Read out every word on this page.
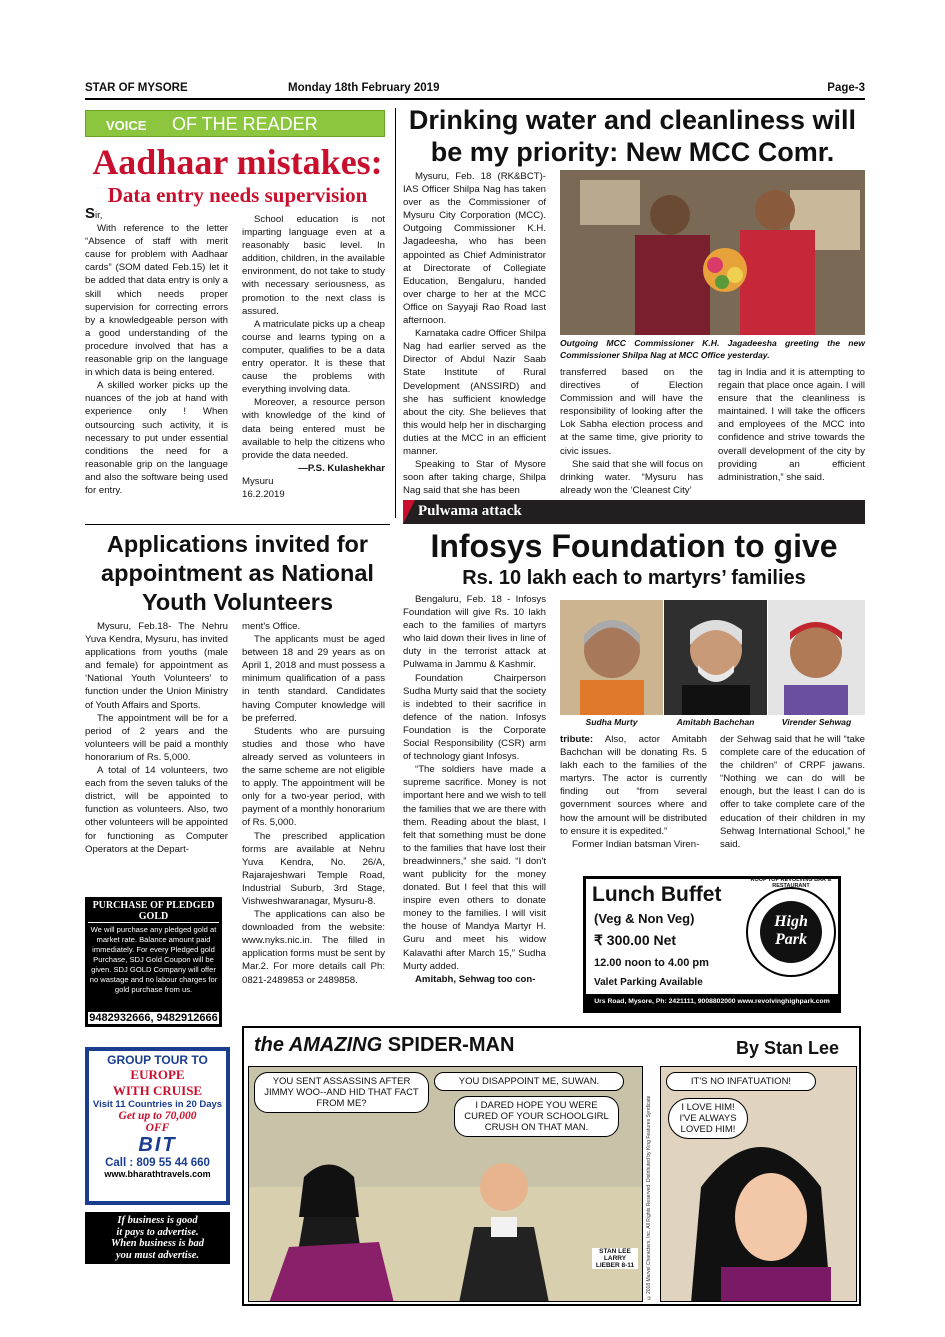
STAR OF MYSORE	Monday 18th February 2019	Page-3
VOICE OF THE READER
Aadhaar mistakes:
Data entry needs supervision
Sir,

With reference to the letter “Absence of staff with merit cause for problem with Aadhaar cards” (SOM dated Feb.15) let it be added that data entry is only a skill which needs proper supervision for correcting errors by a knowledgeable person with a good understanding of the procedure involved that has a reasonable grip on the language in which data is being entered.

A skilled worker picks up the nuances of the job at hand with experience only ! When outsourcing such activity, it is necessary to put under essential conditions the need for a reasonable grip on the language and also the software being used for entry.

School education is not imparting language even at a reasonably basic level. In addition, children, in the available environment, do not take to study with necessary seriousness, as promotion to the next class is assured.

A matriculate picks up a cheap course and learns typing on a computer, qualifies to be a data entry operator. It is these that cause the problems with everything involving data.

Moreover, a resource person with knowledge of the kind of data being entered must be available to help the citizens who provide the data needed.

—P.S. Kulashekhar
Mysuru
16.2.2019
Drinking water and cleanliness will be my priority: New MCC Comr.

Mysuru, Feb. 18 (RK&BCT)- IAS Officer Shilpa Nag has taken over as the Commissioner of Mysuru City Corporation (MCC). Outgoing Commissioner K.H. Jagadeesha, who has been appointed as Chief Administrator at Directorate of Collegiate Education, Bengaluru, handed over charge to her at the MCC Office on Sayyaji Rao Road last afternoon.

Karnataka cadre Officer Shilpa Nag had earlier served as the Director of Abdul Nazir Saab State Institute of Rural Development (ANSSIRD) and she has sufficient knowledge about the city. She believes that this would help her in discharging duties at the MCC in an efficient manner.

Speaking to Star of Mysore soon after taking charge, Shilpa Nag said that she has been

Outgoing MCC Commissioner K.H. Jagadeesha greeting the new Commissioner Shilpa Nag at MCC Office yesterday.

transferred based on the directives of Election Commission and will have the responsibility of looking after the Lok Sabha election process and at the same time, give priority to civic issues.

She said that she will focus on drinking water. “Mysuru has already won the ‘Cleanest City’

tag in India and it is attempting to regain that place once again. I will ensure that the cleanliness is maintained. I will take the officers and employees of the MCC into confidence and strive towards the overall development of the city by providing an efficient administration,” she said.

Pulwama attack
Applications invited for appointment as National Youth Volunteers

Mysuru, Feb.18- The Nehru Yuva Kendra, Mysuru, has invited applications from youths (male and female) for appointment as ‘National Youth Volunteers’ to function under the Union Ministry of Youth Affairs and Sports.

The appointment will be for a period of 2 years and the volunteers will be paid a monthly honorarium of Rs. 5,000.

A total of 14 volunteers, two each from the seven taluks of the district, will be appointed to function as volunteers. Also, two other volunteers will be appointed for functioning as Computer Operators at the Depart-

ment's Office.

The applicants must be aged between 18 and 29 years as on April 1, 2018 and must possess a minimum qualification of a pass in tenth standard. Candidates having Computer knowledge will be preferred.

Students who are pursuing studies and those who have already served as volunteers in the same scheme are not eligible to apply. The appointment will be only for a two-year period, with payment of a monthly honorarium of Rs. 5,000.

The prescribed application forms are available at Nehru Yuva Kendra, No. 26/A, Rajarajeshwari Temple Road, Industrial Suburb, 3rd Stage, Vishweshwaranagar, Mysuru-8.

The applications can also be downloaded from the website: www.nyks.nic.in. The filled in application forms must be sent by Mar.2. For more details call Ph: 0821-2489853 or 2489858.

Infosys Foundation to give
Rs. 10 lakh each to martyrs’ families

Bengaluru, Feb. 18 - Infosys Foundation will give Rs. 10 lakh each to the families of martyrs who laid down their lives in line of duty in the terrorist attack at Pulwama in Jammu & Kashmir.

Foundation Chairperson Sudha Murty said that the society is indebted to their sacrifice in defence of the nation. Infosys Foundation is the Corporate Social Responsibility (CSR) arm of technology giant Infosys.

“The soldiers have made a supreme sacrifice. Money is not important here and we wish to tell the families that we are there with them. Reading about the blast, I felt that something must be done to the families that have lost their breadwinners,” she said. “I don't want publicity for the money donated. But I feel that this will inspire even others to donate money to the families. I will visit the house of Mandya Martyr H. Guru and meet his widow Kalavathi after March 15,” Sudha Murty added.

Amitabh, Sehwag too con-

Sudha Murty	Amitabh Bachchan	Virender Sehwag

tribute: Also, actor Amitabh Bachchan will be donating Rs. 5 lakh each to the families of the martyrs. The actor is currently finding out “from several government sources where and how the amount will be distributed to ensure it is expedited.”

Former Indian batsman Viren-

der Sehwag said that he will “take complete care of the education of the children” of CRPF jawans. “Nothing we can do will be enough, but the least I can do is offer to take complete care of the education of their children in my Sehwag International School,” he said.

PURCHASE OF PLEDGED GOLD
We will purchase any pledged gold at market rate. Balance amount paid immediately. For every Pledged gold Purchase, SDJ Gold Coupon will be given. SDJ GOLD Company will offer no wastage and no labour charges for gold purchase from us.
9482932666, 9482912666
GROUP TOUR TO
EUROPE
WITH CRUISE
Visit 11 Countries in 20 Days
Get up to 70,000
OFF
BIT
Call : 809 55 44 660
www.bharathtravels.com
If business is good
it pays to advertise.
When business is bad
you must advertise.
Lunch Buffet
(Veg & Non Veg)
₹ 300.00 Net
12.00 noon to 4.00 pm
Valet Parking Available
High
Park
ROOF TOP REVOLVING BAR & RESTAURANT
Urs Road, Mysore, Ph: 2421111, 9008802000 www.revolvinghighpark.com
the AMAZING SPIDER-MAN	By Stan Lee
YOU SENT ASSASSINS AFTER JIMMY WOO--AND HID THAT FACT FROM ME?
YOU DISAPPOINT ME, SUWAN.
I DARED HOPE YOU WERE CURED OF YOUR SCHOOLGIRL CRUSH ON THAT MAN.
STAN LEE LARRY LIEBER 8-11	©2018 Marvel Characters, Inc. All Rights Reserved. Distributed by King Features Syndicate
IT'S NO INFATUATION!
I LOVE HIM! I'VE ALWAYS LOVED HIM!
